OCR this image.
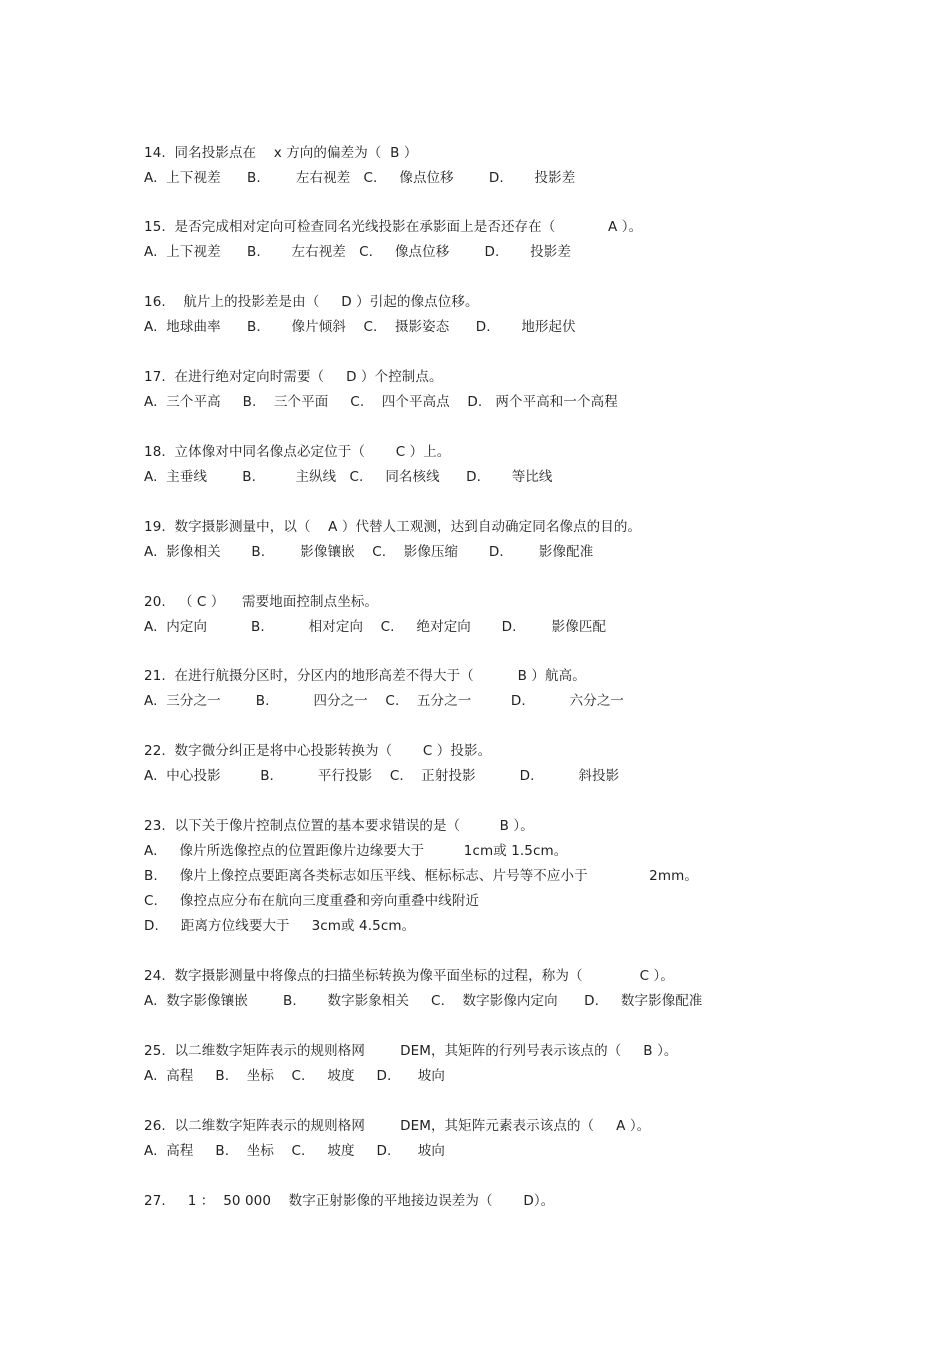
14.  同名投影点在    x 方向的偏差为（  B ）
A.  上下视差      B.        左右视差   C.     像点位移        D.       投影差
15.  是否完成相对定向可检查同名光线投影在承影面上是否还存在（            A ）。
A.  上下视差      B.       左右视差   C.     像点位移        D.       投影差
16.    航片上的投影差是由（     D ）引起的像点位移。
A.  地球曲率      B.       像片倾斜    C.    摄影姿态      D.       地形起伏
17.  在进行绝对定向时需要（     D ）个控制点。
A.  三个平高     B.    三个平面     C.    四个平高点    D.   两个平高和一个高程
18.  立体像对中同名像点必定位于（       C ）上。
A.  主垂线        B.         主纵线   C.     同名核线      D.       等比线
19.  数字摄影测量中，以（    A ）代替人工观测，达到自动确定同名像点的目的。
A.  影像相关       B.        影像镶嵌    C.    影像压缩       D.        影像配准
20.   （ C ）    需要地面控制点坐标。
A.  内定向          B.          相对定向    C.     绝对定向       D.        影像匹配
21.  在进行航摄分区时，分区内的地形高差不得大于（          B ）航高。
A.  三分之一        B.          四分之一    C.    五分之一         D.          六分之一
22.  数字微分纠正是将中心投影转换为（       C ）投影。
A.  中心投影         B.          平行投影    C.    正射投影          D.          斜投影
23.  以下关于像片控制点位置的基本要求错误的是（         B ）。
A.     像片所选像控点的位置距像片边缘要大于         1cm或 1.5cm。
B.     像片上像控点要距离各类标志如压平线、框标标志、片号等不应小于              2mm。
C.     像控点应分布在航向三度重叠和旁向重叠中线附近
D.     距离方位线要大于     3cm或 4.5cm。
24.  数字摄影测量中将像点的扫描坐标转换为像平面坐标的过程，称为（             C ）。
A.  数字影像镶嵌        B.       数字影象相关     C.    数字影像内定向      D.     数字影像配准
25.  以二维数字矩阵表示的规则格网        DEM，其矩阵的行列号表示该点的（     B ）。
A.  高程     B.    坐标    C.     坡度     D.      坡向
26.  以二维数字矩阵表示的规则格网        DEM，其矩阵元素表示该点的（     A ）。
A.  高程     B.    坐标    C.     坡度     D.      坡向
27.     1 ：  50 000    数字正射影像的平地接边误差为（       D）。
